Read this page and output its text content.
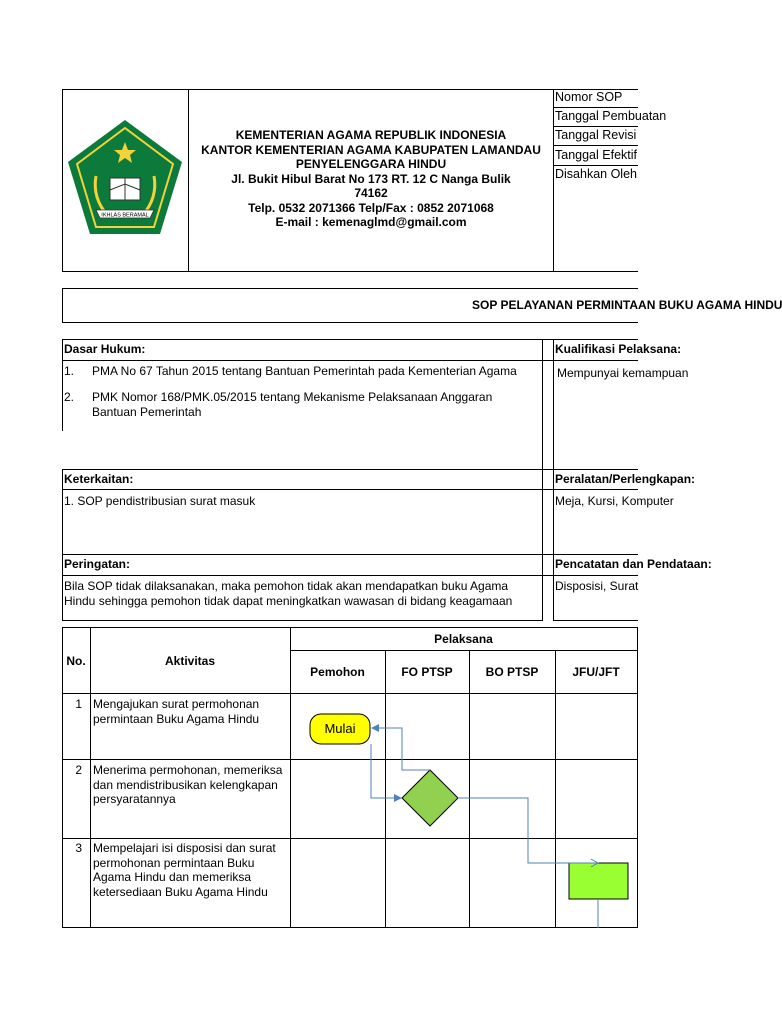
IKHLAS BERAMAL
KEMENTERIAN AGAMA REPUBLIK INDONESIA
KANTOR KEMENTERIAN AGAMA KABUPATEN LAMANDAU
PENYELENGGARA HINDU
Jl. Bukit Hibul Barat No 173 RT. 12 C Nanga Bulik
74162
Telp. 0532 2071366 Telp/Fax : 0852 2071068
E-mail : kemenaglmd@gmail.com
Nomor SOP
Tanggal Pembuatan
Tanggal Revisi
Tanggal Efektif
Disahkan Oleh
SOP PELAYANAN PERMINTAAN BUKU AGAMA HINDU
Dasar Hukum:
1. PMA No 67 Tahun 2015 tentang Bantuan Pemerintah pada Kementerian Agama
2. PMK Nomor 168/PMK.05/2015 tentang Mekanisme Pelaksanaan Anggaran Bantuan Pemerintah
Kualifikasi Pelaksana:
Mempunyai kemampuan
Keterkaitan:
1. SOP pendistribusian surat masuk
Peralatan/Perlengkapan:
Meja, Kursi, Komputer
Peringatan:
Bila SOP tidak dilaksanakan, maka pemohon tidak akan mendapatkan buku Agama Hindu sehingga pemohon tidak dapat meningkatkan wawasan di bidang keagamaan
Pencatatan dan Pendataan:
Disposisi, Surat
No.	Aktivitas
Pelaksana
Pemohon	FO PTSP	BO PTSP	JFU/JFT
1 Mengajukan surat permohonan permintaan Buku Agama Hindu
2 Menerima permohonan, memeriksa dan mendistribusikan kelengkapan persyaratannya
3 Mempelajari isi disposisi dan surat permohonan permintaan Buku Agama Hindu dan memeriksa ketersediaan Buku Agama Hindu
Mulai
